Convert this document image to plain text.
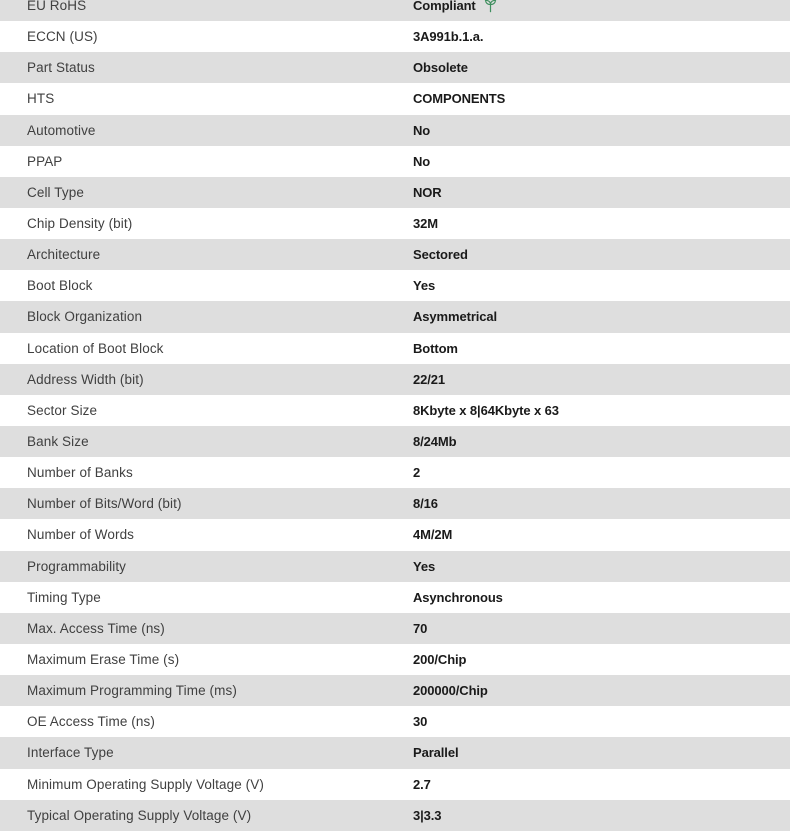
EU RoHS	Compliant
ECCN (US)	3A991b.1.a.
Part Status	Obsolete
HTS	COMPONENTS
Automotive	No
PPAP	No
Cell Type	NOR
Chip Density (bit)	32M
Architecture	Sectored
Boot Block	Yes
Block Organization	Asymmetrical
Location of Boot Block	Bottom
Address Width (bit)	22/21
Sector Size	8Kbyte x 8|64Kbyte x 63
Bank Size	8/24Mb
Number of Banks	2
Number of Bits/Word (bit)	8/16
Number of Words	4M/2M
Programmability	Yes
Timing Type	Asynchronous
Max. Access Time (ns)	70
Maximum Erase Time (s)	200/Chip
Maximum Programming Time (ms)	200000/Chip
OE Access Time (ns)	30
Interface Type	Parallel
Minimum Operating Supply Voltage (V)	2.7
Typical Operating Supply Voltage (V)	3|3.3
